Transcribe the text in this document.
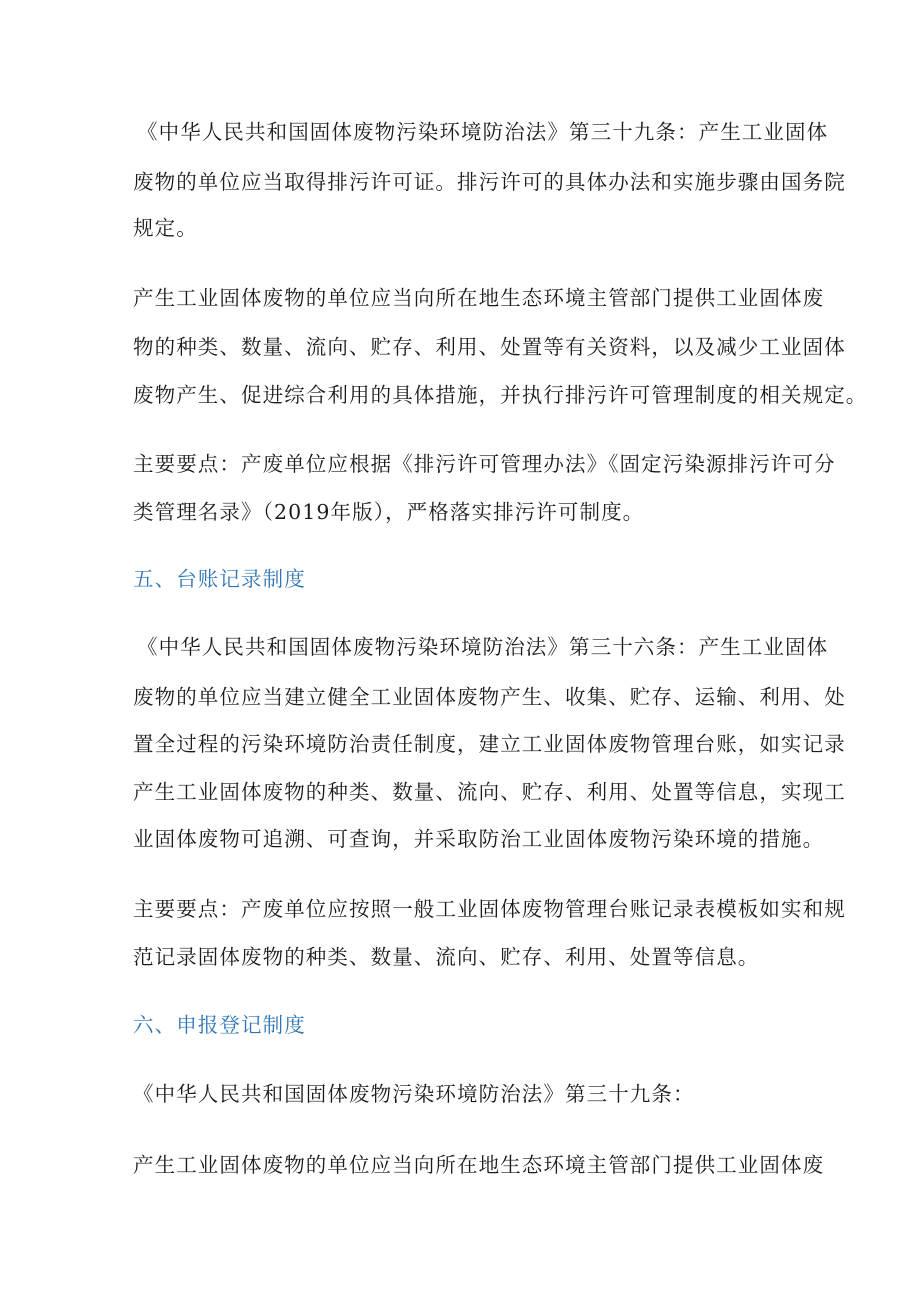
《中华人民共和国固体废物污染环境防治法》第三十九条：产生工业固体
废物的单位应当取得排污许可证。排污许可的具体办法和实施步骤由国务院
规定。
产生工业固体废物的单位应当向所在地生态环境主管部门提供工业固体废
物的种类、数量、流向、贮存、利用、处置等有关资料，以及减少工业固体
废物产生、促进综合利用的具体措施，并执行排污许可管理制度的相关规定。
主要要点：产废单位应根据《排污许可管理办法》《固定污染源排污许可分
类管理名录》（2019年版），严格落实排污许可制度。
五、台账记录制度
《中华人民共和国固体废物污染环境防治法》第三十六条：产生工业固体
废物的单位应当建立健全工业固体废物产生、收集、贮存、运输、利用、处
置全过程的污染环境防治责任制度，建立工业固体废物管理台账，如实记录
产生工业固体废物的种类、数量、流向、贮存、利用、处置等信息，实现工
业固体废物可追溯、可查询，并采取防治工业固体废物污染环境的措施。
主要要点：产废单位应按照一般工业固体废物管理台账记录表模板如实和规
范记录固体废物的种类、数量、流向、贮存、利用、处置等信息。
六、申报登记制度
《中华人民共和国固体废物污染环境防治法》第三十九条：
产生工业固体废物的单位应当向所在地生态环境主管部门提供工业固体废
